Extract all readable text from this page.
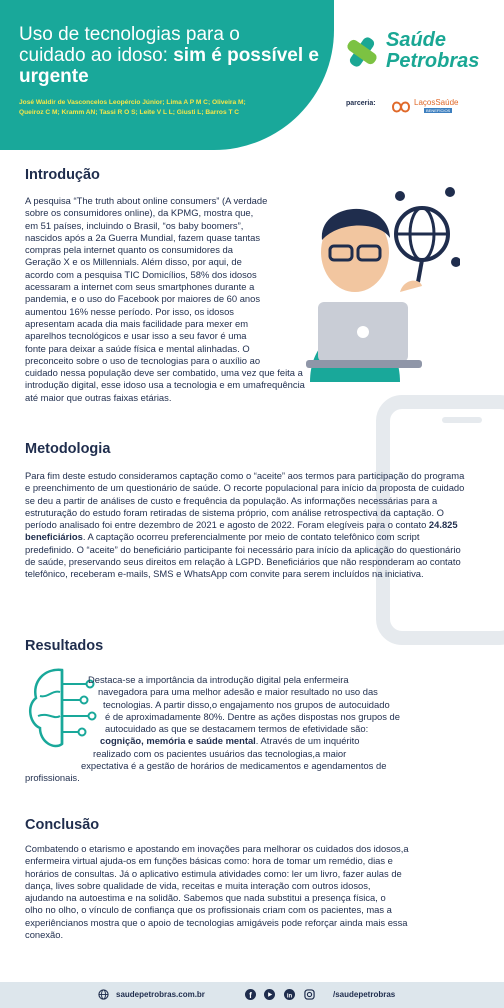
Uso de tecnologias para o
cuidado ao idoso: sim é possível e urgente
José Waldir de Vasconcelos Leopércio Júnior; Lima A P M C; Oliveira M; Queiroz C M; Kramm AN; Tassi R O S; Leite V L L; Giusti L; Barros T C
Saúde
Petrobras
parceria:	LaçosSaúde
BENEFÍCIOS
Introdução
A pesquisa “The truth about online consumers” (A verdade
sobre os consumidores online), da KPMG, mostra que,
em 51 países, incluindo o Brasil, “os baby boomers”,
nascidos após a 2a Guerra Mundial, fazem quase tantas
compras pela internet quanto os consumidores da
Geração X e os Millennials. Além disso, por aqui, de
acordo com a pesquisa TIC Domicílios, 58% dos idosos
acessaram a internet com seus smartphones durante a
pandemia, e o uso do Facebook por maiores de 60 anos
aumentou 16% nesse período. Por isso, os idosos
apresentam acada dia mais facilidade para mexer em
aparelhos tecnológicos e usar isso a seu favor é uma
fonte para deixar a saúde física e mental alinhadas. O
preconceito sobre o uso de tecnologias para o auxílio ao
cuidado nessa população deve ser combatido, uma vez que feita a
introdução digital, esse idoso usa a tecnologia e em umafrequência
até maior que outras faixas etárias.
Metodologia
Para fim deste estudo consideramos captação como o “aceite” aos termos para participação do programa e preenchimento de um questionário de saúde. O recorte populacional para início da proposta de cuidado se deu a partir de análises de custo e frequência da população. As informações necessárias para a estruturação do estudo foram retiradas de sistema próprio, com análise retrospectiva da captação. O período analisado foi entre dezembro de 2021 e agosto de 2022. Foram elegíveis para o contato 24.825 beneficiários. A captação ocorreu preferencialmente por meio de contato telefônico com script predefinido. O “aceite” do beneficiário participante foi necessário para início da aplicação do questionário de saúde, preservando seus direitos em relação à LGPD. Beneficiários que não responderam ao contato telefônico, receberam e-mails, SMS e WhatsApp com convite para serem incluídos na iniciativa.
Resultados
Destaca-se a importância da introdução digital pela enfermeira
navegadora para uma melhor adesão e maior resultado no uso das
tecnologias. A partir disso,o engajamento nos grupos de autocuidado
é de aproximadamente 80%. Dentre as ações dispostas nos grupos de
autocuidado as que se destacamem termos de efetividade são:
cognição, memória e saúde mental. Através de um inquérito
realizado com os pacientes usuários das tecnologias,a maior
expectativa é a gestão de horários de medicamentos e agendamentos de
profissionais.
Conclusão
Combatendo o etarismo e apostando em inovações para melhorar os cuidados dos idosos,a
enfermeira virtual ajuda-os em funções básicas como: hora de tomar um remédio, dias e
horários de consultas. Já o aplicativo estimula atividades como: ler um livro, fazer aulas de
dança, lives sobre qualidade de vida, receitas e muita interação com outros idosos,
ajudando na autoestima e na solidão. Sabemos que nada substitui a presença física, o
olho no olho, o vínculo de confiança que os profissionais criam com os pacientes, mas a
experiêncianos mostra que o apoio de tecnologias amigáveis pode reforçar ainda mais essa
conexão.
saudepetrobras.com.br	f	in	/saudepetrobras
